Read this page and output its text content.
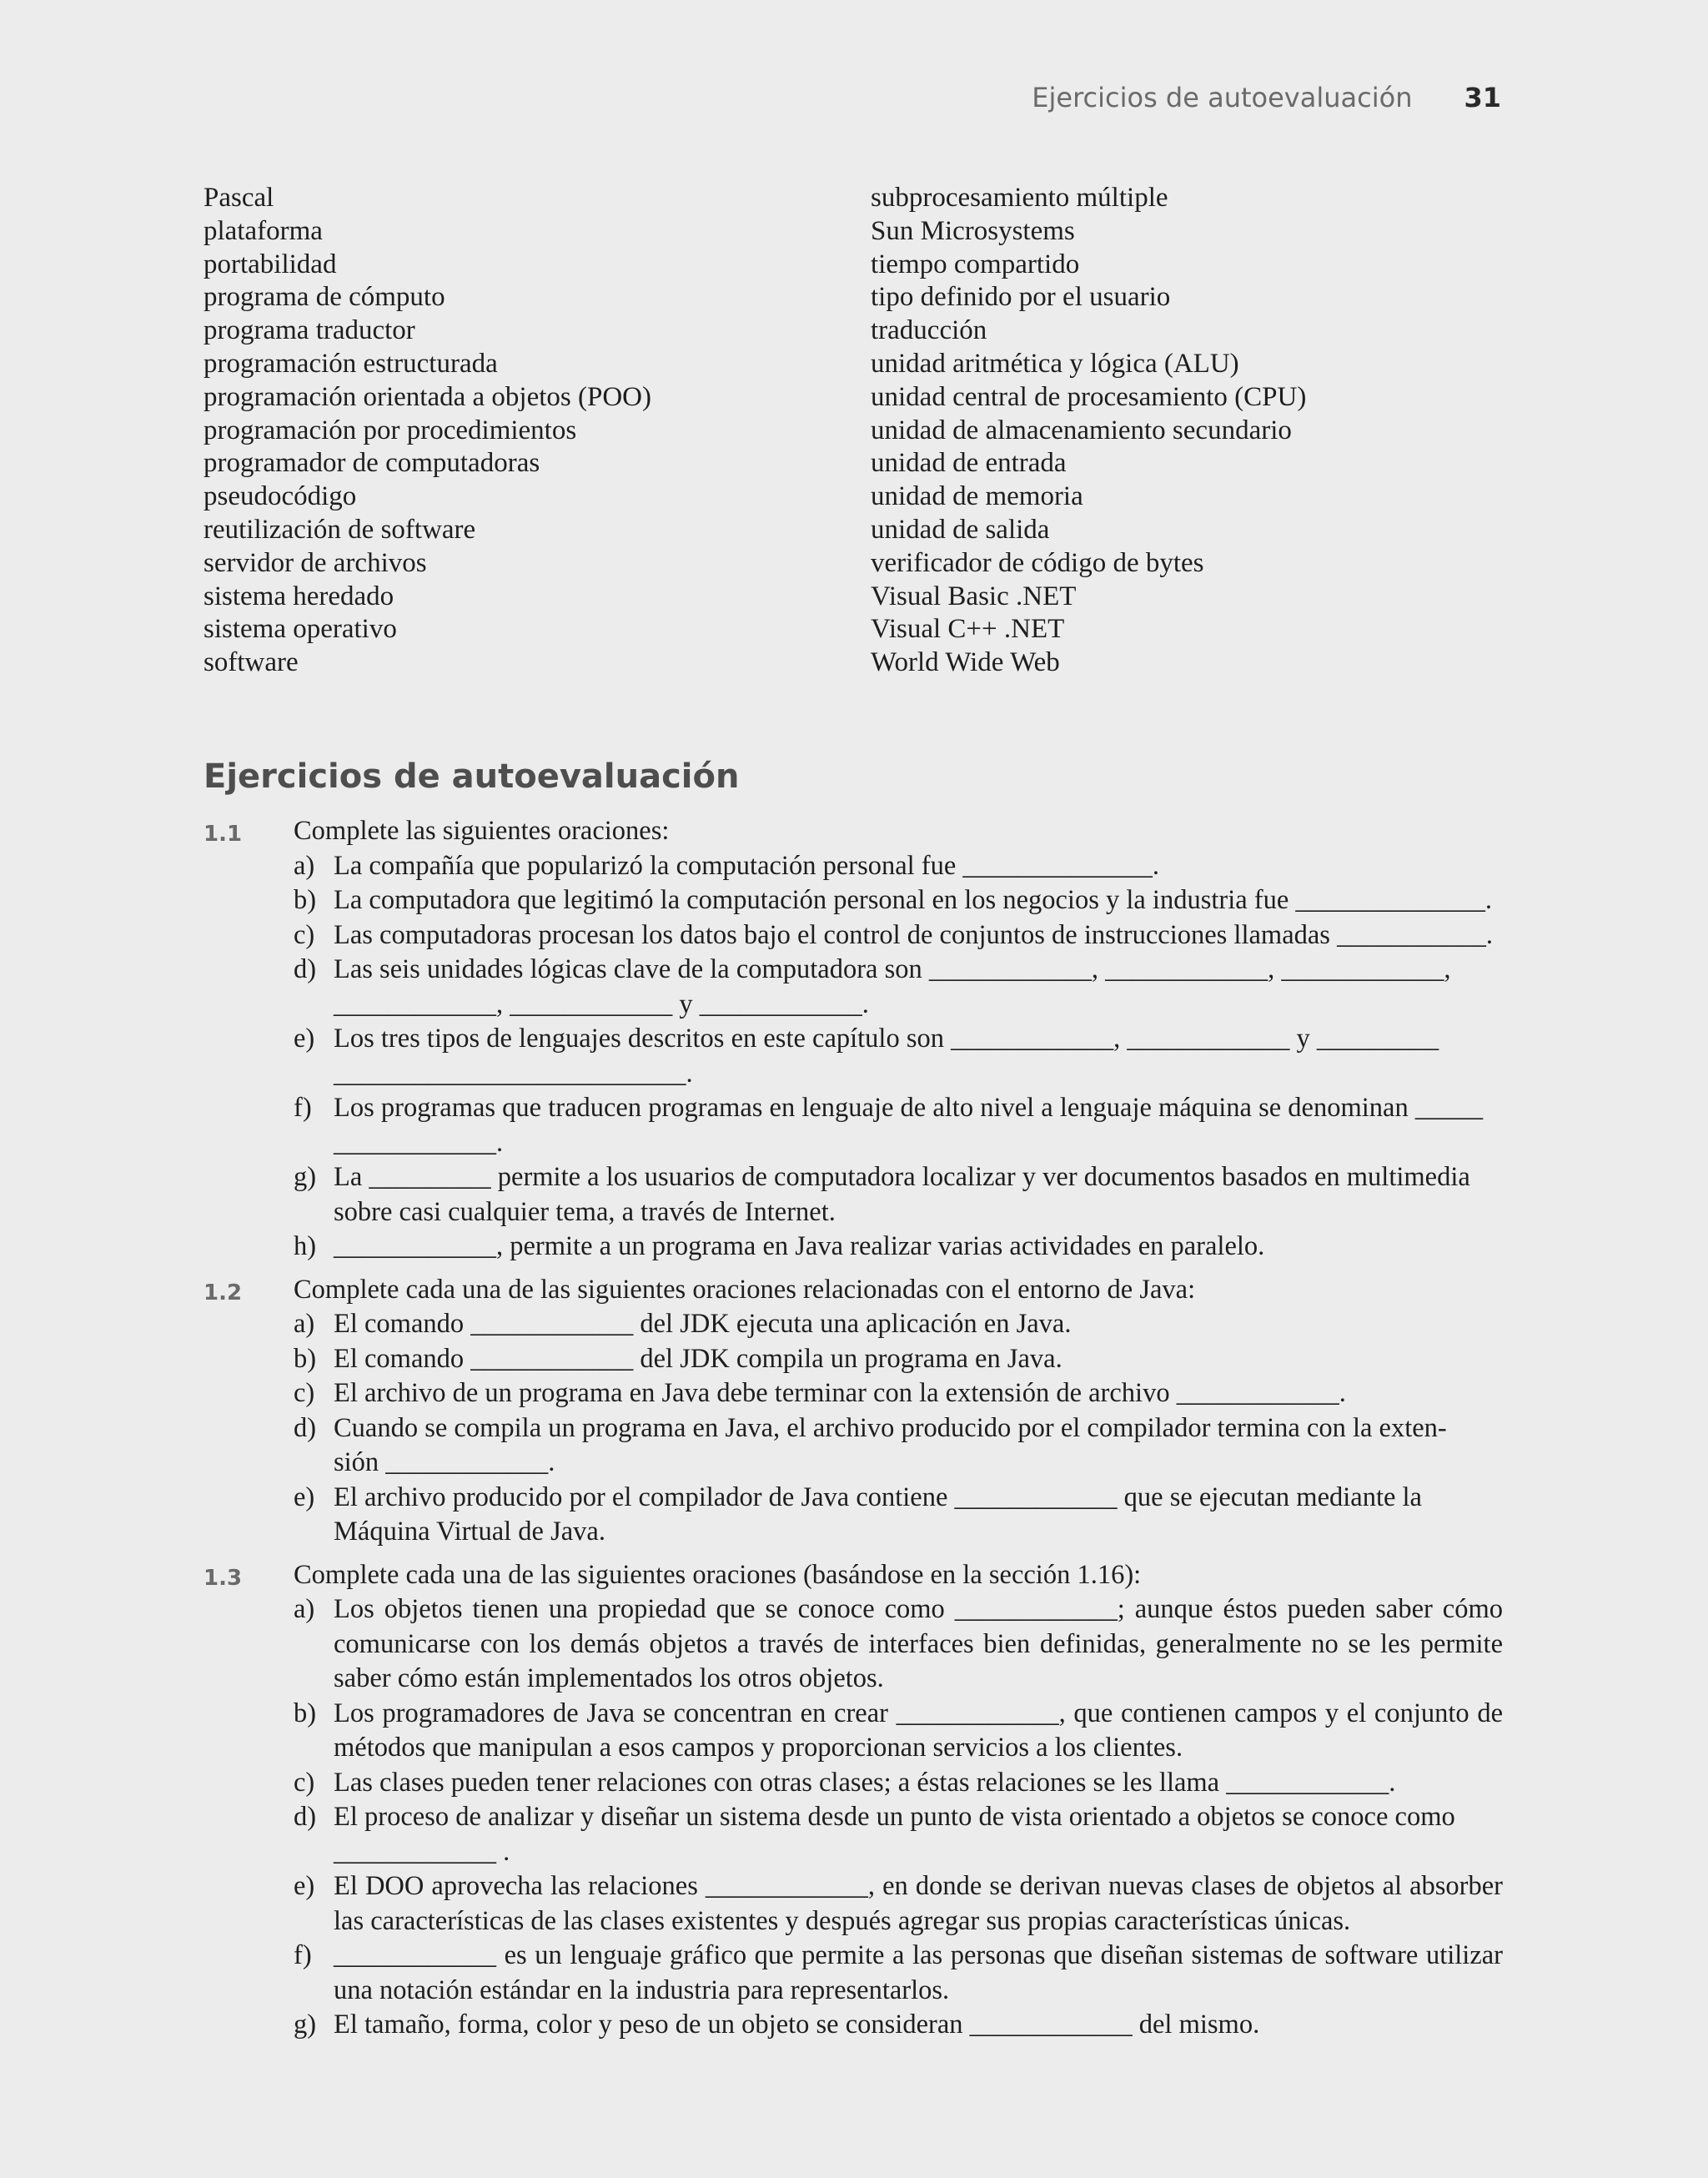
Ejercicios de autoevaluación 31
Pascal
plataforma
portabilidad
programa de cómputo
programa traductor
programación estructurada
programación orientada a objetos (POO)
programación por procedimientos
programador de computadoras
pseudocódigo
reutilización de software
servidor de archivos
sistema heredado
sistema operativo
software
subprocesamiento múltiple
Sun Microsystems
tiempo compartido
tipo definido por el usuario
traducción
unidad aritmética y lógica (ALU)
unidad central de procesamiento (CPU)
unidad de almacenamiento secundario
unidad de entrada
unidad de memoria
unidad de salida
verificador de código de bytes
Visual Basic .NET
Visual C++ .NET
World Wide Web
Ejercicios de autoevaluación
1.1	Complete las siguientes oraciones:
a) La compañía que popularizó la computación personal fue ______________.
b) La computadora que legitimó la computación personal en los negocios y la industria fue ______________.
c) Las computadoras procesan los datos bajo el control de conjuntos de instrucciones llamadas ___________.
d) Las seis unidades lógicas clave de la computadora son ____________, ____________, ____________,
____________, ____________ y ____________.
e) Los tres tipos de lenguajes descritos en este capítulo son ____________, ____________ y _________
__________________________.
f) Los programas que traducen programas en lenguaje de alto nivel a lenguaje máquina se denominan _____
____________.
g) La _________ permite a los usuarios de computadora localizar y ver documentos basados en multimedia
sobre casi cualquier tema, a través de Internet.
h) ____________, permite a un programa en Java realizar varias actividades en paralelo.
1.2	Complete cada una de las siguientes oraciones relacionadas con el entorno de Java:
a) El comando ____________ del JDK ejecuta una aplicación en Java.
b) El comando ____________ del JDK compila un programa en Java.
c) El archivo de un programa en Java debe terminar con la extensión de archivo ____________.
d) Cuando se compila un programa en Java, el archivo producido por el compilador termina con la exten-
sión ____________.
e) El archivo producido por el compilador de Java contiene ____________ que se ejecutan mediante la
Máquina Virtual de Java.
1.3	Complete cada una de las siguientes oraciones (basándose en la sección 1.16):
a) Los objetos tienen una propiedad que se conoce como ____________; aunque éstos pueden saber cómo comunicarse con los demás objetos a través de interfaces bien definidas, generalmente no se les permite saber cómo están implementados los otros objetos.
b) Los programadores de Java se concentran en crear ____________, que contienen campos y el conjunto de métodos que manipulan a esos campos y proporcionan servicios a los clientes.
c) Las clases pueden tener relaciones con otras clases; a éstas relaciones se les llama ____________.
d) El proceso de analizar y diseñar un sistema desde un punto de vista orientado a objetos se conoce como
____________ .
e) El DOO aprovecha las relaciones ____________, en donde se derivan nuevas clases de objetos al absorber las características de las clases existentes y después agregar sus propias características únicas.
f) ____________ es un lenguaje gráfico que permite a las personas que diseñan sistemas de software utilizar una notación estándar en la industria para representarlos.
g) El tamaño, forma, color y peso de un objeto se consideran ____________ del mismo.
